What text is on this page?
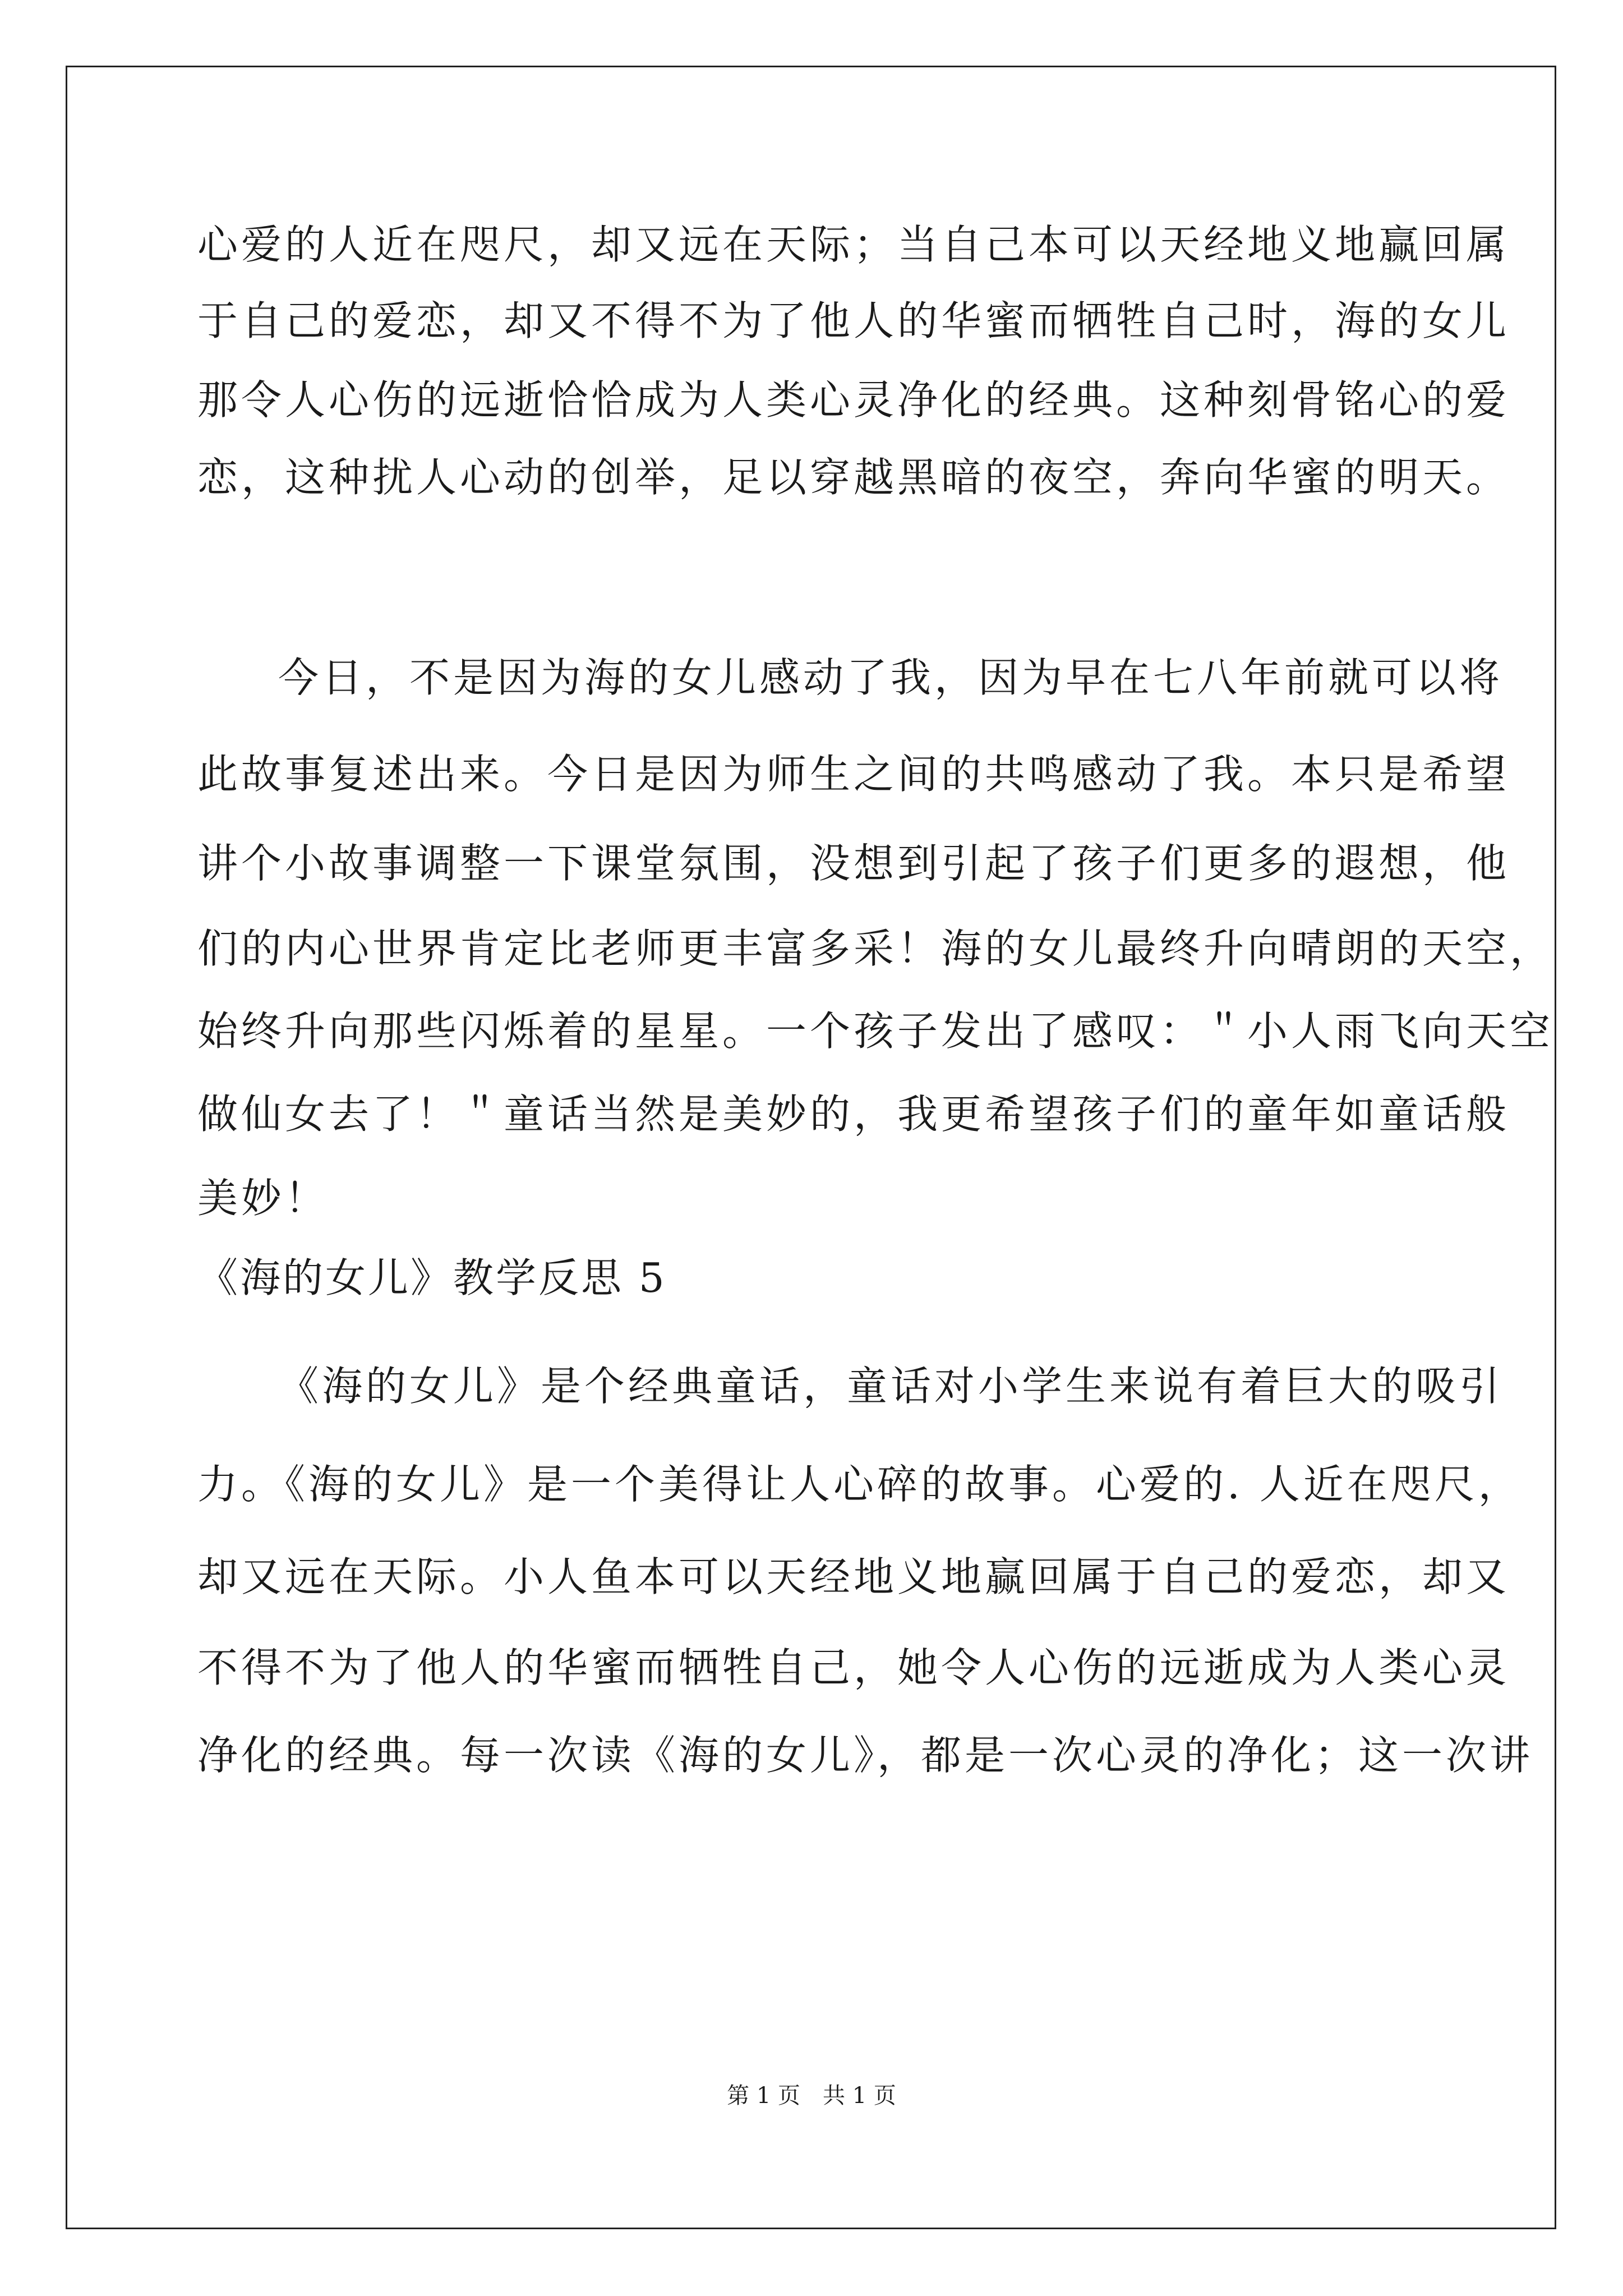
心爱的人近在咫尺，却又远在天际；当自己本可以天经地义地赢回属
于自己的爱恋，却又不得不为了他人的华蜜而牺牲自己时，海的女儿
那令人心伤的远逝恰恰成为人类心灵净化的经典。这种刻骨铭心的爱
恋，这种扰人心动的创举，足以穿越黑暗的夜空，奔向华蜜的明天。
今日，不是因为海的女儿感动了我，因为早在七八年前就可以将
此故事复述出来。今日是因为师生之间的共鸣感动了我。本只是希望
讲个小故事调整一下课堂氛围，没想到引起了孩子们更多的遐想，他
们的内心世界肯定比老师更丰富多采！海的女儿最终升向晴朗的天空，
始终升向那些闪烁着的星星。一个孩子发出了感叹：＂小人雨飞向天空
做仙女去了！＂童话当然是美妙的，我更希望孩子们的童年如童话般
美妙！
《海的女儿》教学反思 5
《海的女儿》是个经典童话，童话对小学生来说有着巨大的吸引
力。《海的女儿》是一个美得让人心碎的故事。心爱的. 人近在咫尺，
却又远在天际。小人鱼本可以天经地义地赢回属于自己的爱恋，却又
不得不为了他人的华蜜而牺牲自己，她令人心伤的远逝成为人类心灵
净化的经典。每一次读《海的女儿》，都是一次心灵的净化；这一次讲
第 1 页　共 1 页
